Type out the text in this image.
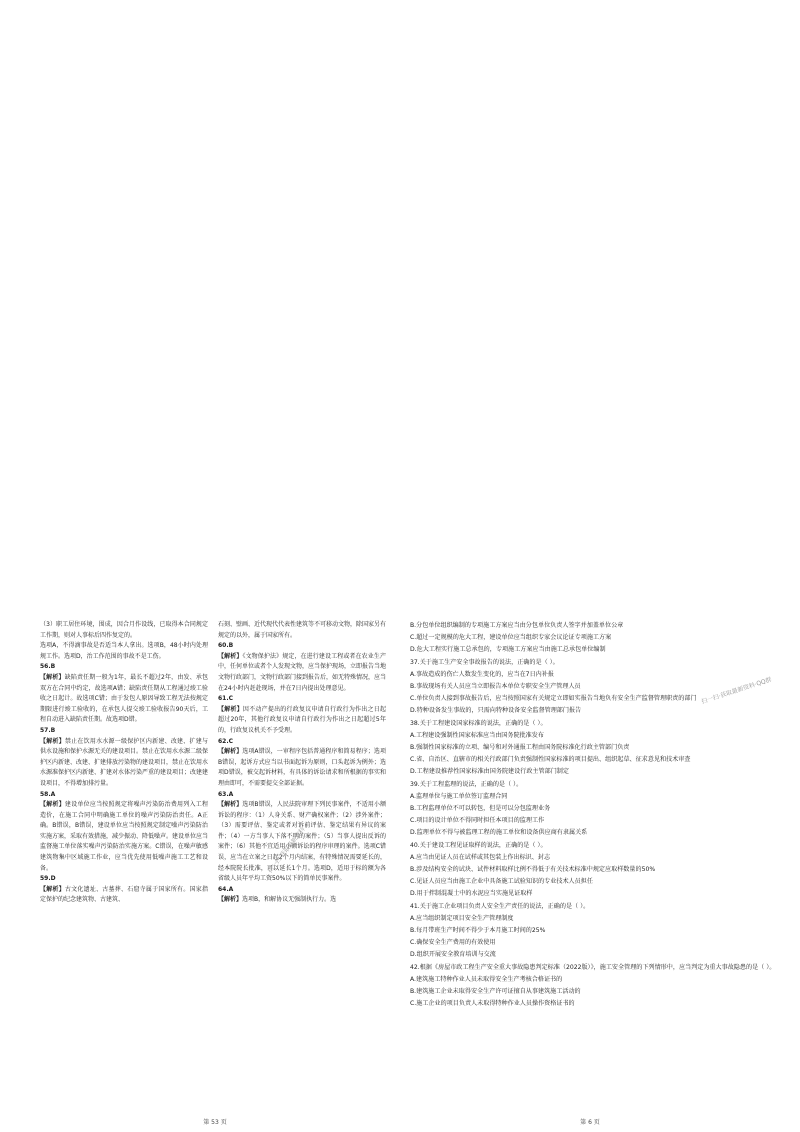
（3）职工居住环境，围成，因合月作设线，已取得本合同规定工作期，则对人事标后四作复定的。

选项A，不得滴事故是否适当本人拿出。选项B，48小时内处理规工作。选项D，治工作范围的事故不是工伤。

56.B

【解析】缺陷责任期一般为1年，最长不超过2年，由发、承包双方在合同中约定，故选项A错；缺陷责任期从工程通过竣工验收之日起计。故选项C错；由于发包人原因导致工程无法按规定期限进行竣工验收的，在承包人提交竣工验收报告90天后，工程自动进入缺陷责任期。故选项D错。

57.B

【解析】禁止在饮用水水源一级保护区内新建、改建、扩建与供水设施和保护水源无关的建设项目。禁止在饮用水水源二级保护区内新建、改建、扩建排放污染物的建设项目，禁止在饮用水水源准保护区内新建、扩建对水体污染严重的建设项目；改建建设项目，不得增加排污量。

58.A

【解析】建设单位应当按照规定将噪声污染防治费用列入工程造价，在施工合同中明确施工单位的噪声污染防治责任。A正确。B错误，B错误，建设单位应当按照规定制定噪声污染防治实施方案，采取有效措施，减少振动、降低噪声。建设单位应当监督施工单位落实噪声污染防治实施方案。C错误，在噪声敏感建筑物集中区域施工作业，应当优先使用低噪声施工工艺和设备。

59.D

【解析】古文化遗址、古墓葬、石窟寺属于国家所有。国家指定保护的纪念建筑物、古建筑、

石刻、壁画、近代现代代表性建筑等不可移动文物，除国家另有规定的以外，属于国家所有。

60.B

【解析】《文物保护法》规定，在进行建设工程或者在农业生产中，任何单位或者个人发现文物，应当保护现场，立即报告当地文物行政部门，文物行政部门接到报告后，如无特殊情况，应当在24小时内赶赴现场，并在7日内提出处理意见。

61.C

【解析】因不动产提出的行政复议申请自行政行为作出之日起超过20年，其他行政复议申请自行政行为作出之日起超过5年的，行政复议机关不予受理。

62.C

【解析】选项A错误，一审程序包括普通程序和简易程序；选项B错误，起诉方式应当以书面起诉为原则，口头起诉为例外；选项D错误，被交起诉材料，有具体的诉讼请求和所根据的事实和理由即可，不需要提交全部证据。

63.A

【解析】选项B错误，人民法院审理下列民事案件，不适用小额诉讼的程序：（1）人身关系、财产确权案件；（2）涉外案件；（3）需要评估、鉴定或者对诉前评估、鉴定结果有异议的案件；（4）一方当事人下落不明的案件；（5）当事人提出反诉的案件；（6）其他不宜适用小额诉讼的程序审理的案件。选项C错误，应当在立案之日起2个月内结案，有特殊情况需要延长的，经本院院长批准，可以延长1个月。选项D，适用于标的额为各省级人员年平均工资50%以下的简单民事案件。

64.A

【解析】选项B，和解协议无强制执行力。选

扫一扫·获取最新资料
第 53 页

B.分包单位组织编制的专项施工方案应当由分包单位负责人签字并加盖单位公章

C.超过一定规模的危大工程，建设单位应当组织专家会议论证专项施工方案

D.危大工程实行施工总承包的，专项施工方案应当由施工总承包单位编制

37.关于施工生产安全事故报告的说法，正确的是（ ）。

A.事故造成的伤亡人数发生变化的，应当在7日内补报

B.事故现场有关人员应当立即报告本单位专职安全生产管理人员

C.单位负责人接到事故报告后，应当按照国家有关规定立即如实报告当地负有安全生产监督管理职责的部门

D.特种设备发生事故的，只需向特种设备安全监督管理部门报告

38.关于工程建设国家标准的说法，正确的是（ ）。

A.工程建设强制性国家标准应当由国务院批准发布

B.强制性国家标准的立项、编号和对外通报工程由国务院标准化行政主管部门负责

C.省、自治区、直辖市的相关行政部门负责强制性国家标准的项目提出、组织起草、征求意见和技术审查

D.工程建设推荐性国家标准由国务院建设行政主管部门制定

39.关于工程监理的说法，正确的是（ ）。

A.监理单位与施工单位签订监理合同

B.工程监理单位不可以转包，但是可以分包监理业务

C.项目的设计单位不得同时担任本项目的监理工作

D.监理单位不得与被监理工程的施工单位和设备供应商有隶属关系

40.关于建设工程见证取样的说法，正确的是（ ）。

A.应当由见证人员在试样或其包装上作出标识、封志

B.涉及结构安全的试块、试件材料取样比例不得低于有关技术标准中规定应取样数量的50%

C.见证人员应当由施工企业中具备施工试验知识的专业技术人员担任

D.用于拌制混凝土中的水泥应当实施见证取样

41.关于施工企业项目负责人安全生产责任的说法，正确的是（ ）。

A.应当组织制定项目安全生产管理制度

B.每月带班生产时间不得少于本月施工时间的25%

C.确保安全生产费用的有效使用

D.组织开展安全教育培训与交流

42.根据《房屋市政工程生产安全重大事故隐患判定标准（2022版）》，施工安全管理的下列情形中，应当判定为重大事故隐患的是（ ）。

A.建筑施工特种作业人员未取得安全生产考核合格证书的

B.建筑施工企业未取得安全生产许可证擅自从事建筑施工活动的

C.施工企业的项目负责人未取得特种作业人员操作资格证书的

扫一扫·获取最新资料·QQ群
第 6 页
